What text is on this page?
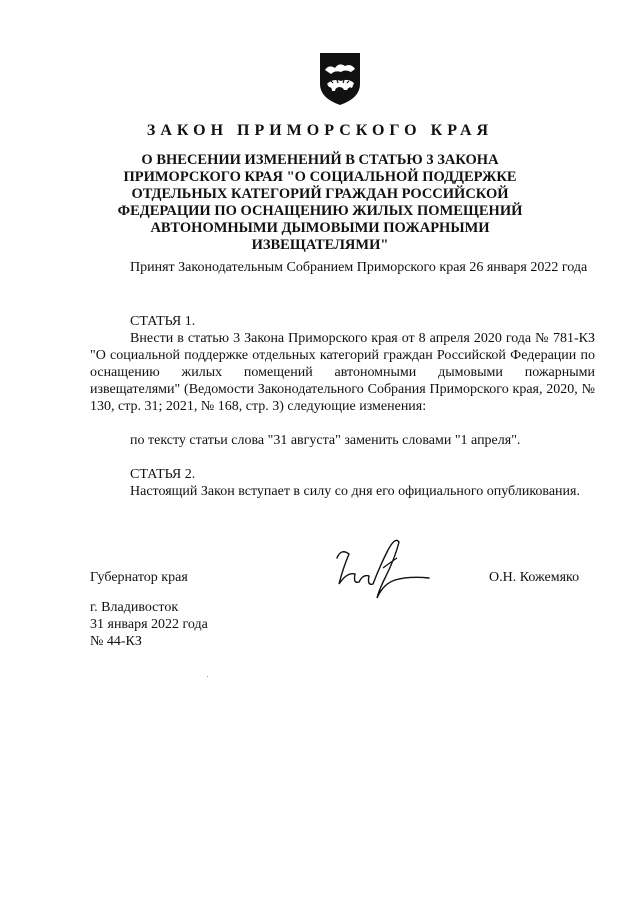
ЗАКОН ПРИМОРСКОГО КРАЯ
О ВНЕСЕНИИ ИЗМЕНЕНИЙ В СТАТЬЮ 3 ЗАКОНА ПРИМОРСКОГО КРАЯ "О СОЦИАЛЬНОЙ ПОДДЕРЖКЕ ОТДЕЛЬНЫХ КАТЕГОРИЙ ГРАЖДАН РОССИЙСКОЙ ФЕДЕРАЦИИ ПО ОСНАЩЕНИЮ ЖИЛЫХ ПОМЕЩЕНИЙ АВТОНОМНЫМИ ДЫМОВЫМИ ПОЖАРНЫМИ ИЗВЕЩАТЕЛЯМИ"
Принят Законодательным Собранием Приморского края 26 января 2022 года
СТАТЬЯ 1.
Внести в статью 3 Закона Приморского края от 8 апреля 2020 года № 781-КЗ "О социальной поддержке отдельных категорий граждан Российской Федерации по оснащению жилых помещений автономными дымовыми пожарными извещателями" (Ведомости Законодательного Собрания Приморского края, 2020, № 130, стр. 31; 2021, № 168, стр. 3) следующие изменения:
по тексту статьи слова "31 августа" заменить словами "1 апреля".
СТАТЬЯ 2.
Настоящий Закон вступает в силу со дня его официального опубликования.
Губернатор края	О.Н. Кожемяко
г. Владивосток
31 января 2022 года
№ 44-КЗ
